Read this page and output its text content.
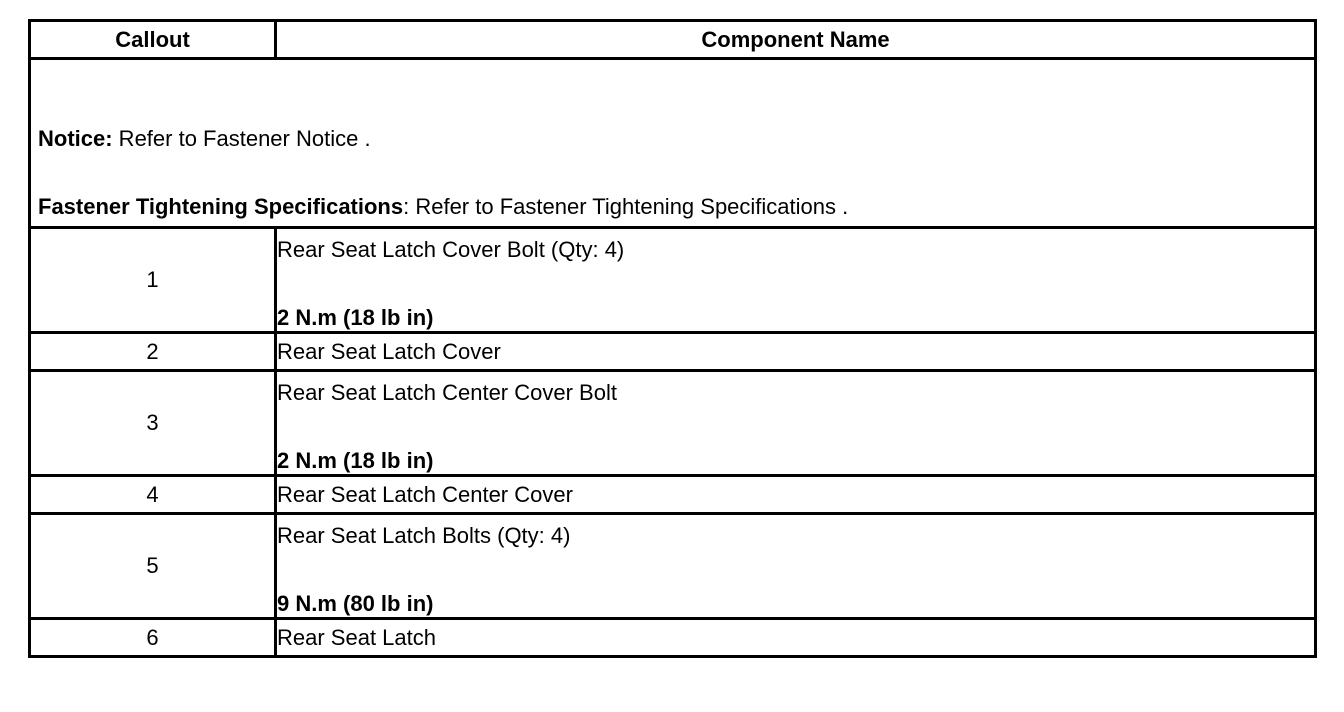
Callout	Component Name

Notice: Refer to Fastener Notice .
Fastener Tightening Specifications: Refer to Fastener Tightening Specifications .	

1	Rear Seat Latch Cover Bolt (Qty: 4)
2 N.m (18 lb in)

2	Rear Seat Latch Cover
3	Rear Seat Latch Center Cover Bolt
2 N.m (18 lb in)

4	Rear Seat Latch Center Cover
5	Rear Seat Latch Bolts (Qty: 4)
9 N.m (80 lb in)

6	Rear Seat Latch
